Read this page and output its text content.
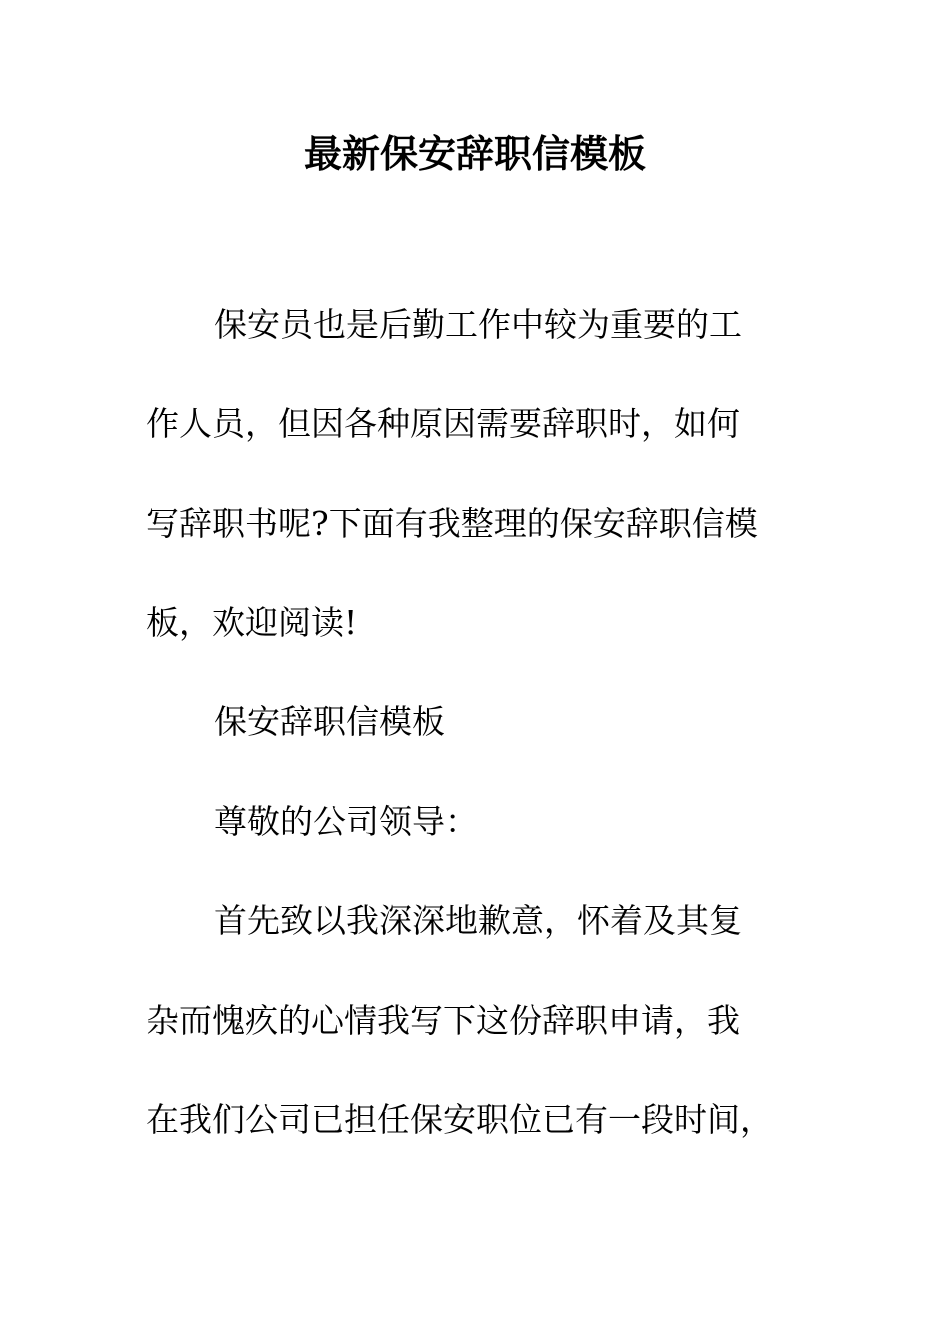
最新保安辞职信模板
保安员也是后勤工作中较为重要的工
作人员，但因各种原因需要辞职时，如何
写辞职书呢?下面有我整理的保安辞职信模
板，欢迎阅读!
保安辞职信模板
尊敬的公司领导：
首先致以我深深地歉意，怀着及其复
杂而愧疚的心情我写下这份辞职申请，我
在我们公司已担任保安职位已有一段时间，
